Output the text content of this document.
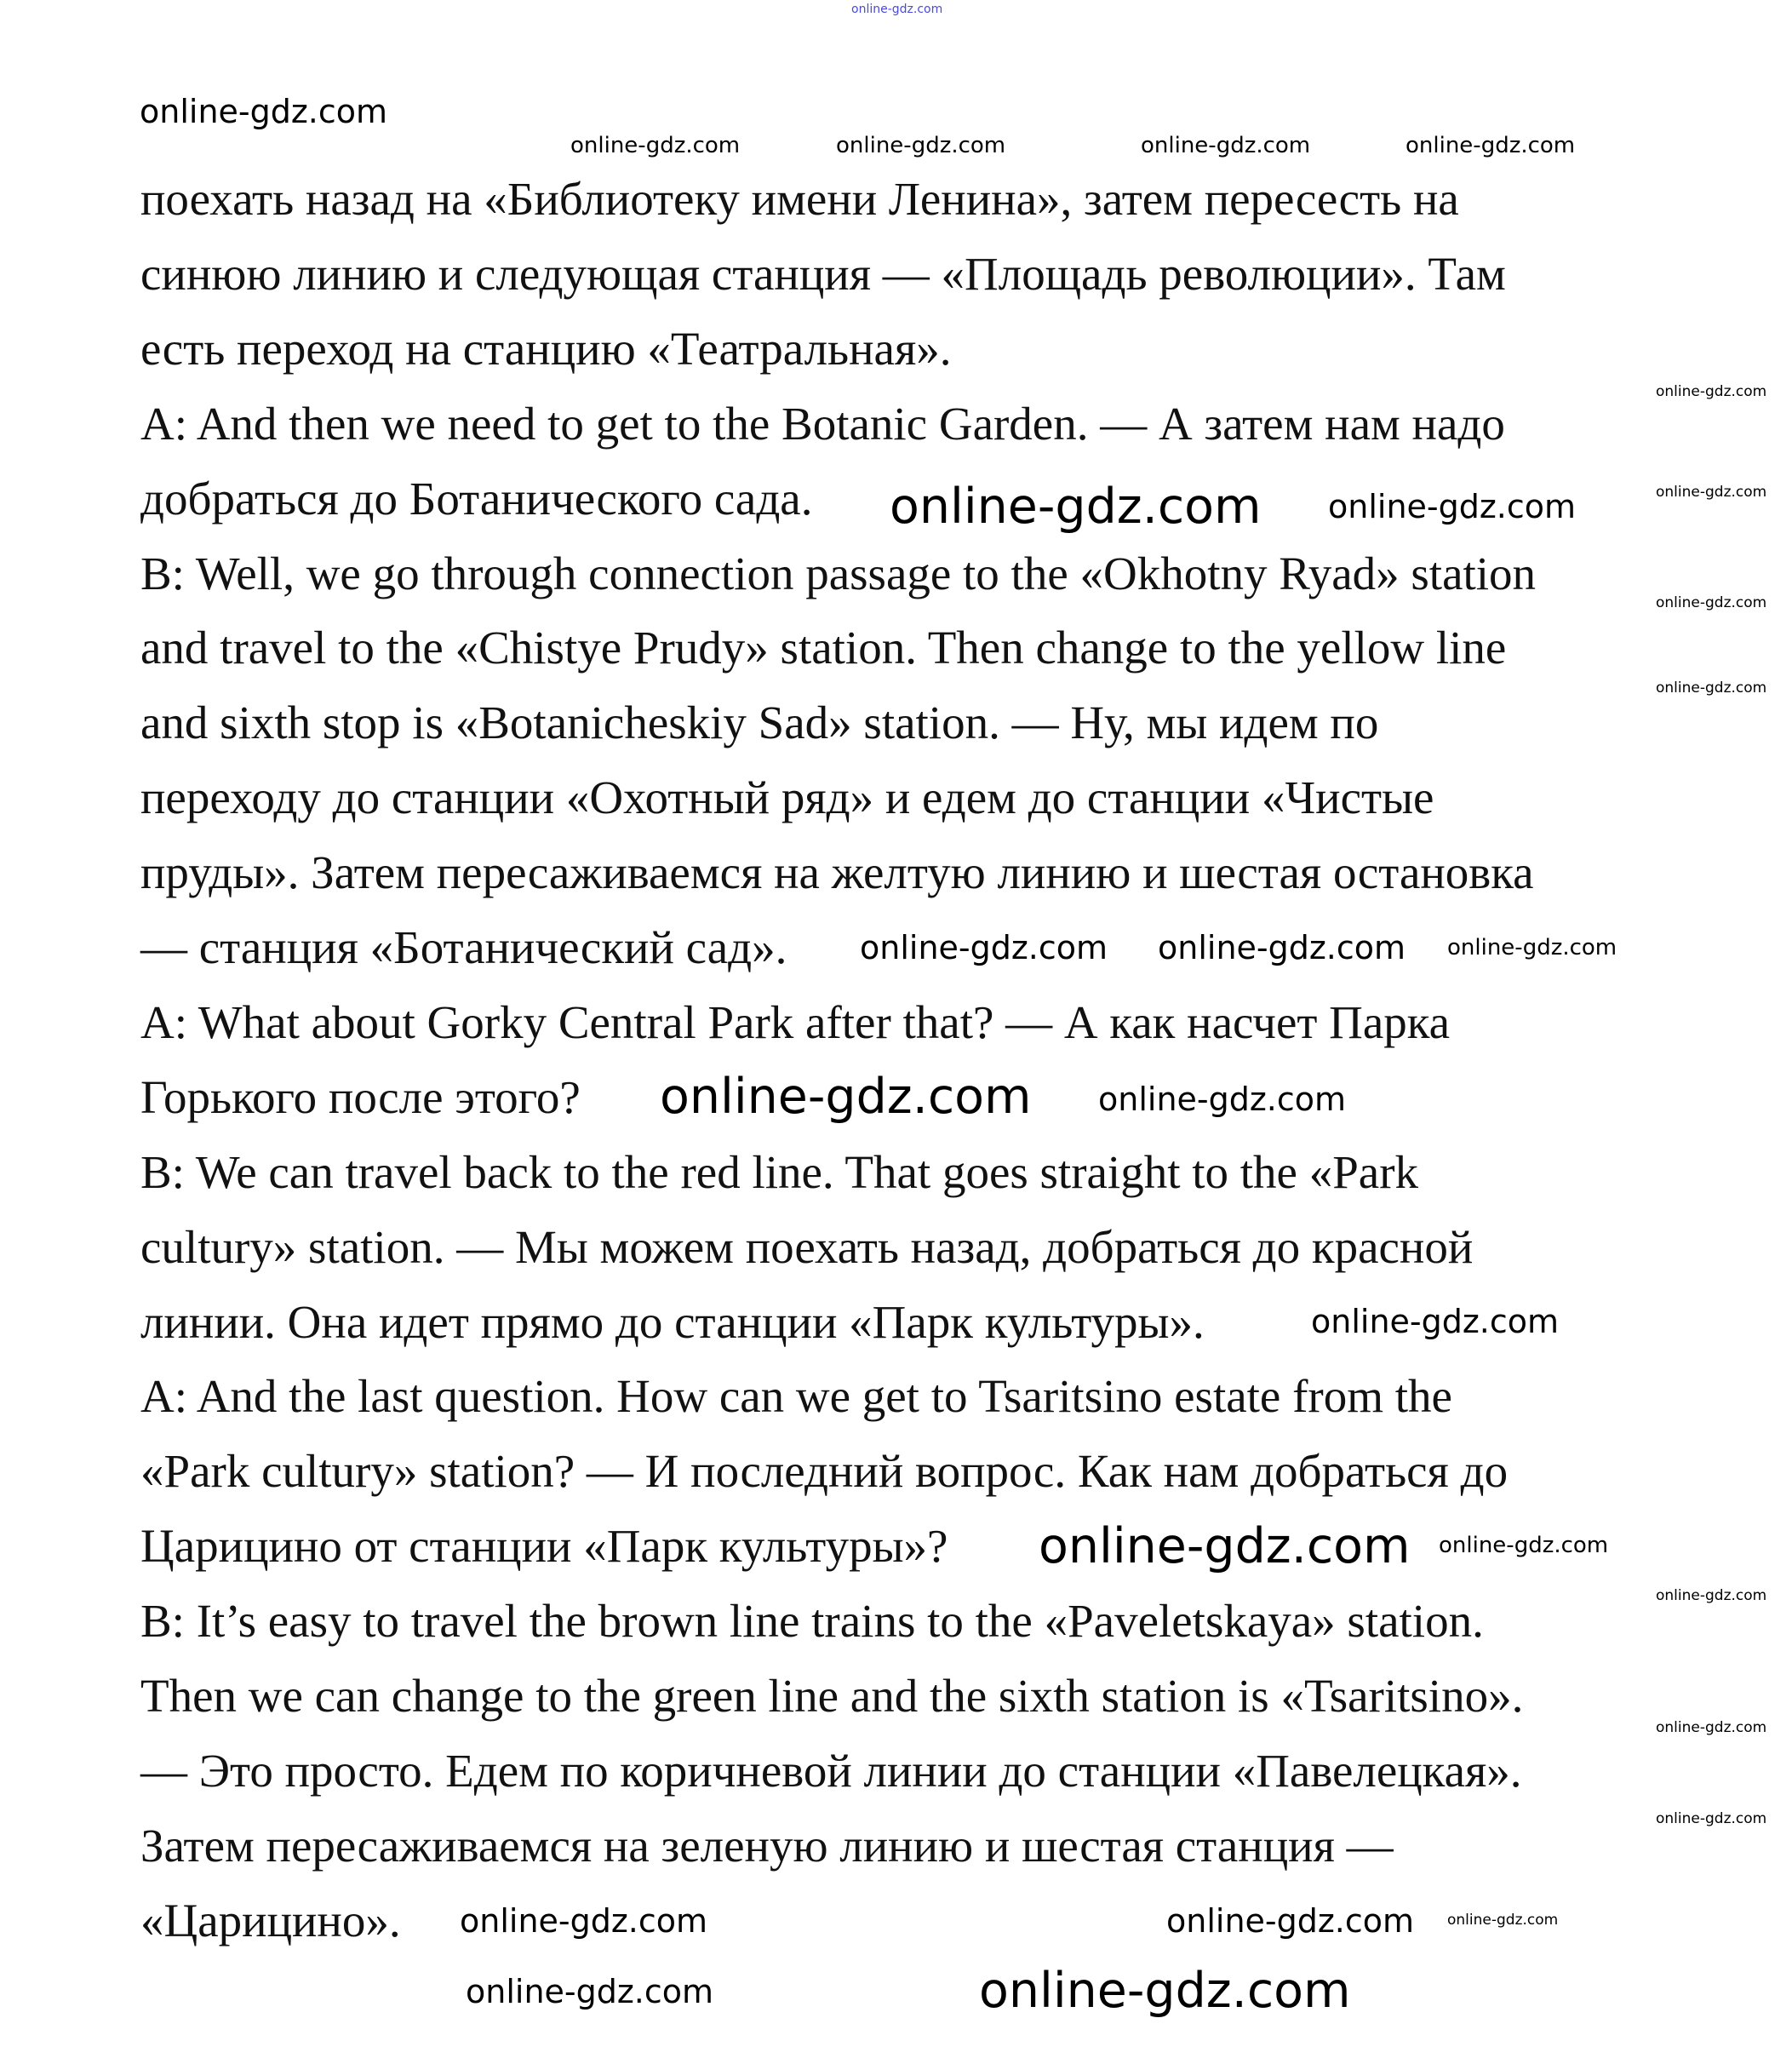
поехать назад на «Библиотеку имени Ленина», затем пересесть на
синюю линию и следующая станция — «Площадь революции». Там
есть переход на станцию «Театральная».
A: And then we need to get to the Botanic Garden. — А затем нам надо
добраться до Ботанического сада.
B: Well, we go through connection passage to the «Okhotny Ryad» station
and travel to the «Chistye Prudy» station. Then change to the yellow line
and sixth stop is «Botanicheskiy Sad» station. — Ну, мы идем по
переходу до станции «Охотный ряд» и едем до станции «Чистые
пруды». Затем пересаживаемся на желтую линию и шестая остановка
— станция «Ботанический сад».
A: What about Gorky Central Park after that? — А как насчет Парка
Горького после этого?
B: We can travel back to the red line. That goes straight to the «Park
cultury» station. — Мы можем поехать назад, добраться до красной
линии. Она идет прямо до станции «Парк культуры».
A: And the last question. How can we get to Tsaritsino estate from the
«Park cultury» station? — И последний вопрос. Как нам добраться до
Царицино от станции «Парк культуры»?
B: It’s easy to travel the brown line trains to the «Paveletskaya» station.
Then we can change to the green line and the sixth station is «Tsaritsino».
— Это просто. Едем по коричневой линии до станции «Павелецкая».
Затем пересаживаемся на зеленую линию и шестая станция —
«Царицино».
online-gdz.com
online-gdz.com
online-gdz.com	online-gdz.com	online-gdz.com	online-gdz.com
online-gdz.com
online-gdz.com online-gdz.com	online-gdz.com
online-gdz.com
online-gdz.com
online-gdz.com online-gdz.com online-gdz.com
online-gdz.com online-gdz.com
online-gdz.com
online-gdz.com online-gdz.com
online-gdz.com
online-gdz.com
online-gdz.com
online-gdz.com	online-gdz.com online-gdz.com
online-gdz.com	online-gdz.com
